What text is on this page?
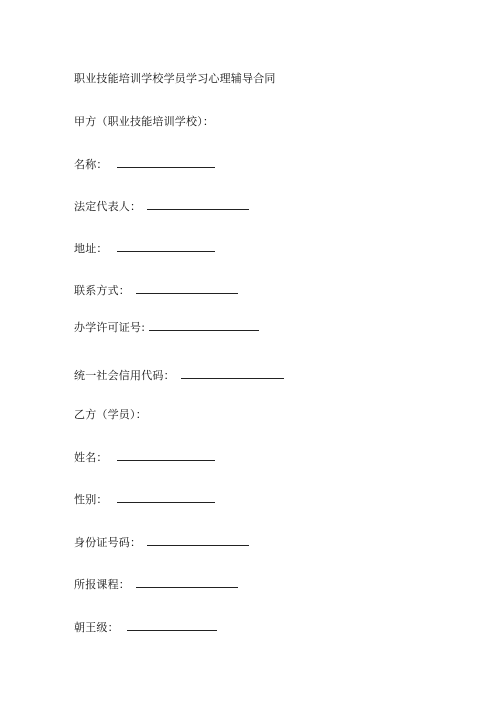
职业技能培训学校学员学习心理辅导合同
甲方（职业技能培训学校）：
名称：
法定代表人：
地址：
联系方式：
办学许可证号:
统一社会信用代码：
乙方（学员）：
姓名：
性别：
身份证号码：
所报课程：
朝王级：
